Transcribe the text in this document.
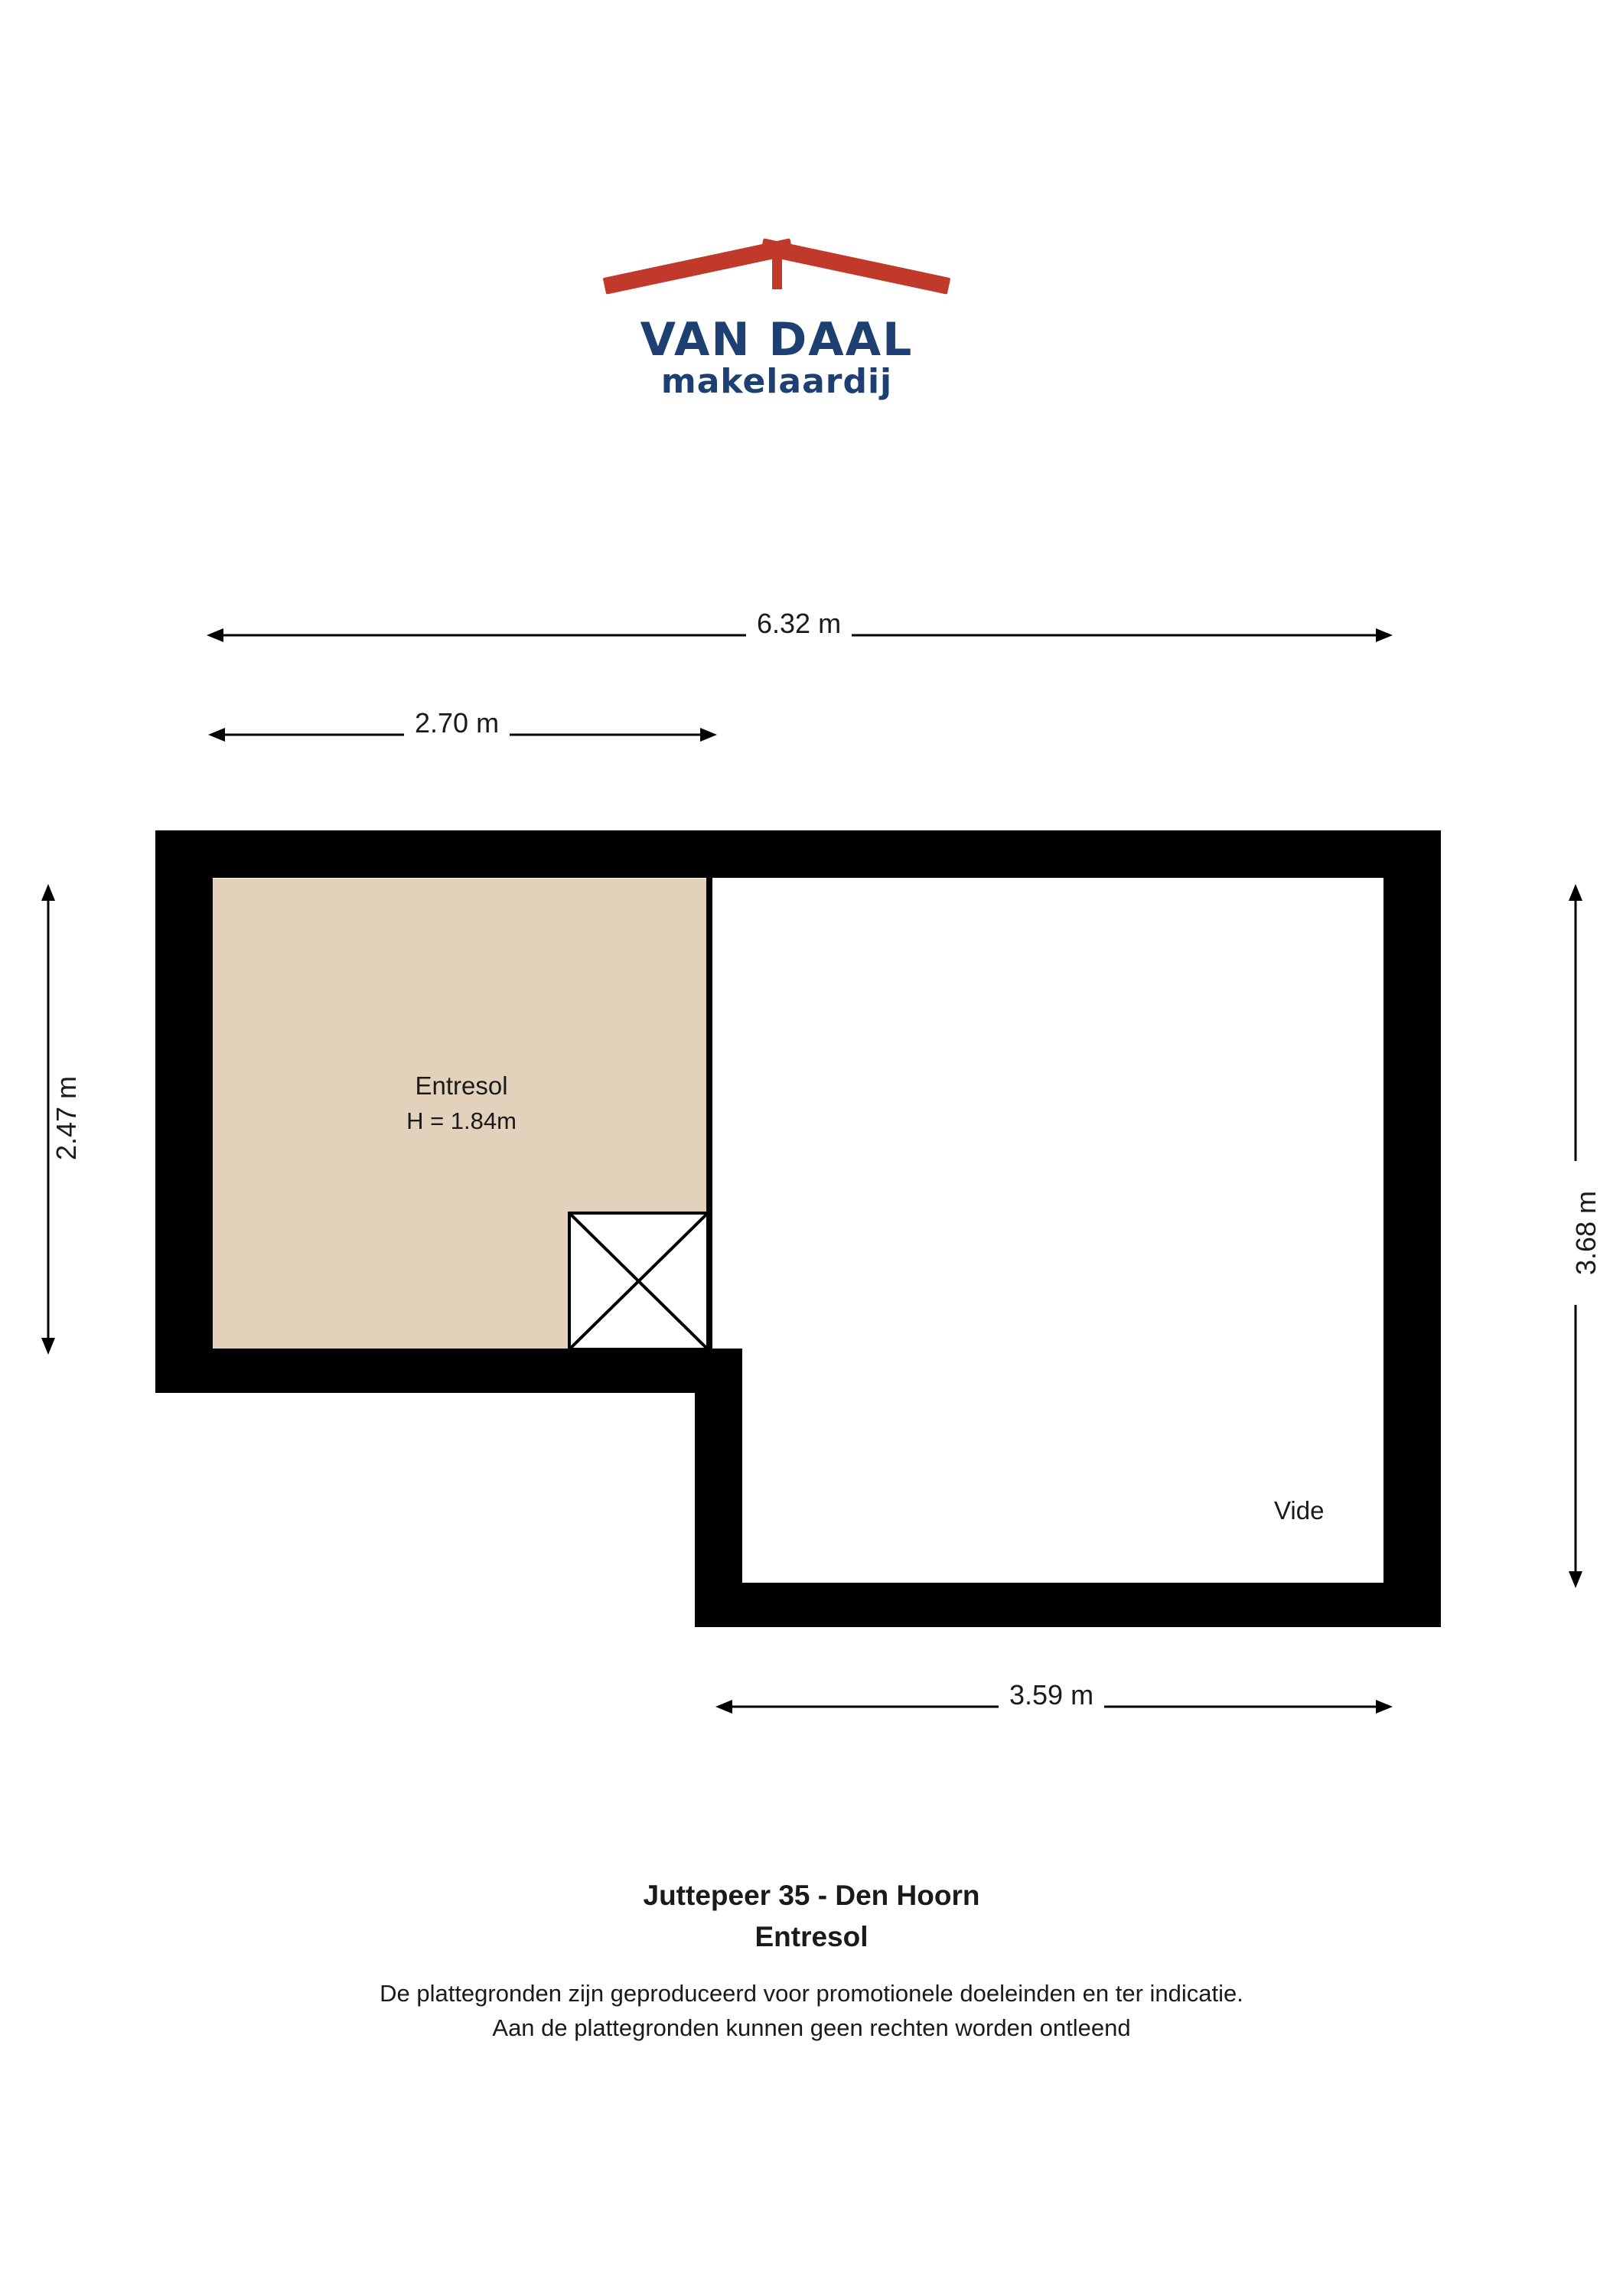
VAN DAAL
makelaardij
6.32 m
2.70 m
2.47 m
3.68 m
3.59 m
Entresol
H = 1.84m
Vide
Juttepeer 35 - Den Hoorn
Entresol
De plattegronden zijn geproduceerd voor promotionele doeleinden en ter indicatie.
Aan de plattegronden kunnen geen rechten worden ontleend
